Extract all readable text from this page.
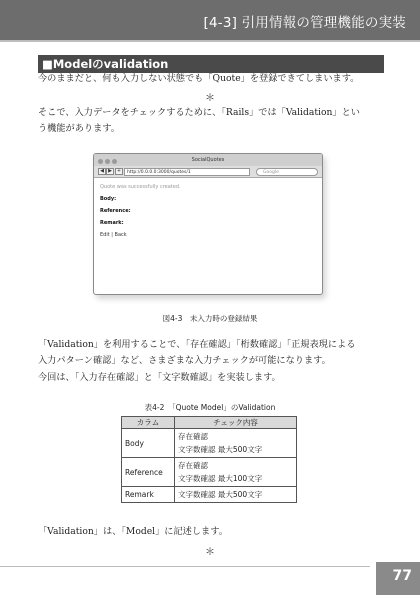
[4-3] 引用情報の管理機能の実装
■Modelのvalidation
今のままだと、何も入力しない状態でも「Quote」を登録できてしまいます。
＊
そこで、入力データをチェックするために、「Rails」では「Validation」とい
う機能があります。
SocialQuotes
◀ ▶ +	http://0.0.0.0:3000/quotes/1	Google
Quote was successfully created.
Body:
Reference:
Remark:
Edit | Back
図4-3　未入力時の登録結果
「Validation」を利用することで、「存在確認」「桁数確認」「正規表現による
入力パターン確認」など、さまざまな入力チェックが可能になります。
今回は、「入力存在確認」と「文字数確認」を実装します。
表4-2　「Quote Model」のValidation
カラム	チェック内容
Body	存在確認
文字数確認 最大500文字

Reference	存在確認
文字数確認 最大100文字

Remark	文字数確認 最大500文字
「Validation」は、「Model」に記述します。
＊
77
